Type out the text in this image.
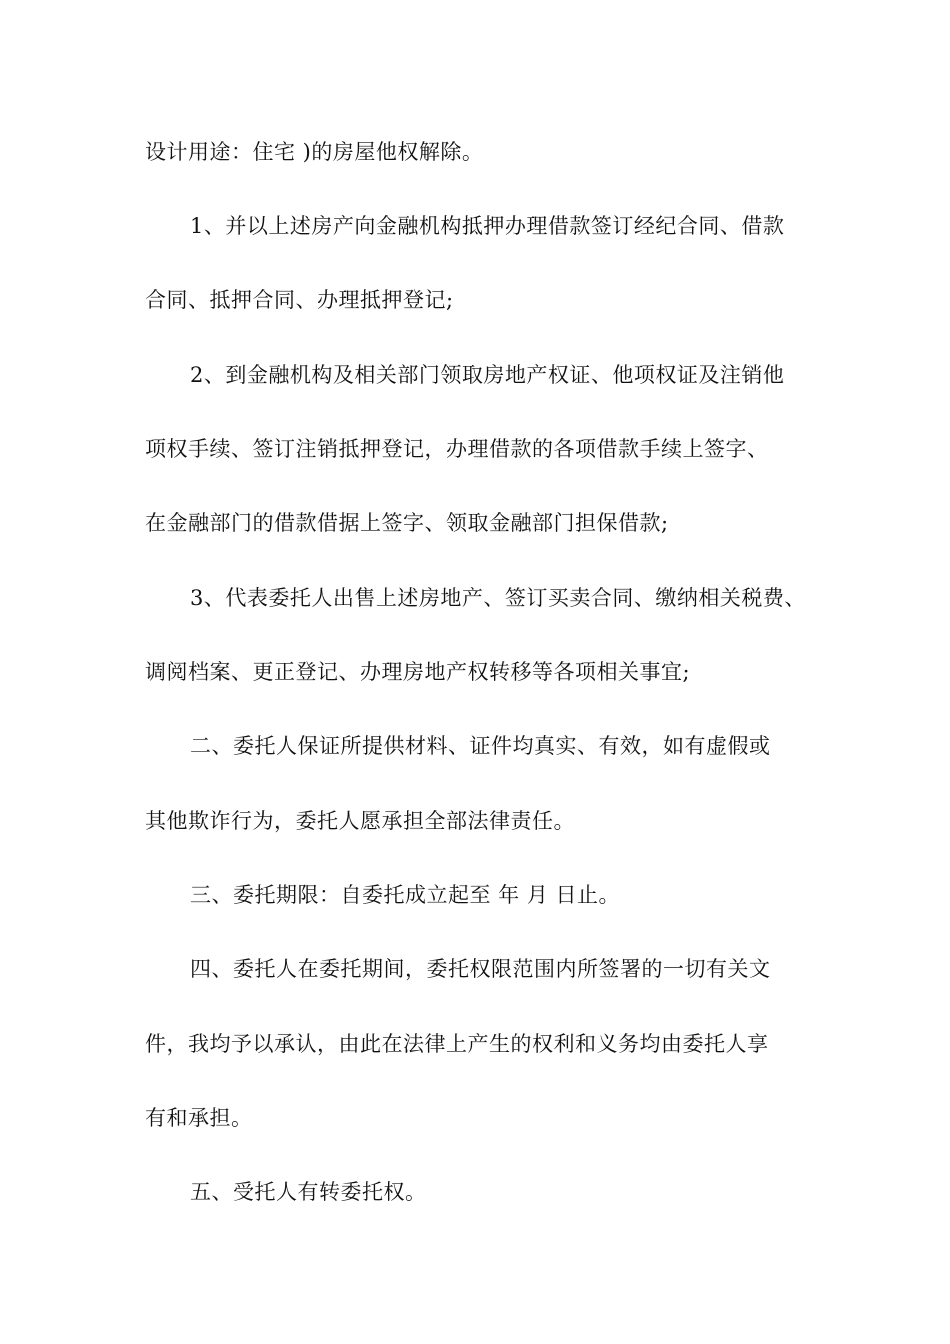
设计用途：住宅 )的房屋他权解除。
1、并以上述房产向金融机构抵押办理借款签订经纪合同、借款
合同、抵押合同、办理抵押登记;
2、到金融机构及相关部门领取房地产权证、他项权证及注销他
项权手续、签订注销抵押登记，办理借款的各项借款手续上签字、
在金融部门的借款借据上签字、领取金融部门担保借款;
3、代表委托人出售上述房地产、签订买卖合同、缴纳相关税费、
调阅档案、更正登记、办理房地产权转移等各项相关事宜;
二、委托人保证所提供材料、证件均真实、有效，如有虚假或
其他欺诈行为，委托人愿承担全部法律责任。
三、委托期限：自委托成立起至 年 月 日止。
四、委托人在委托期间，委托权限范围内所签署的一切有关文
件，我均予以承认，由此在法律上产生的权利和义务均由委托人享
有和承担。
五、受托人有转委托权。
